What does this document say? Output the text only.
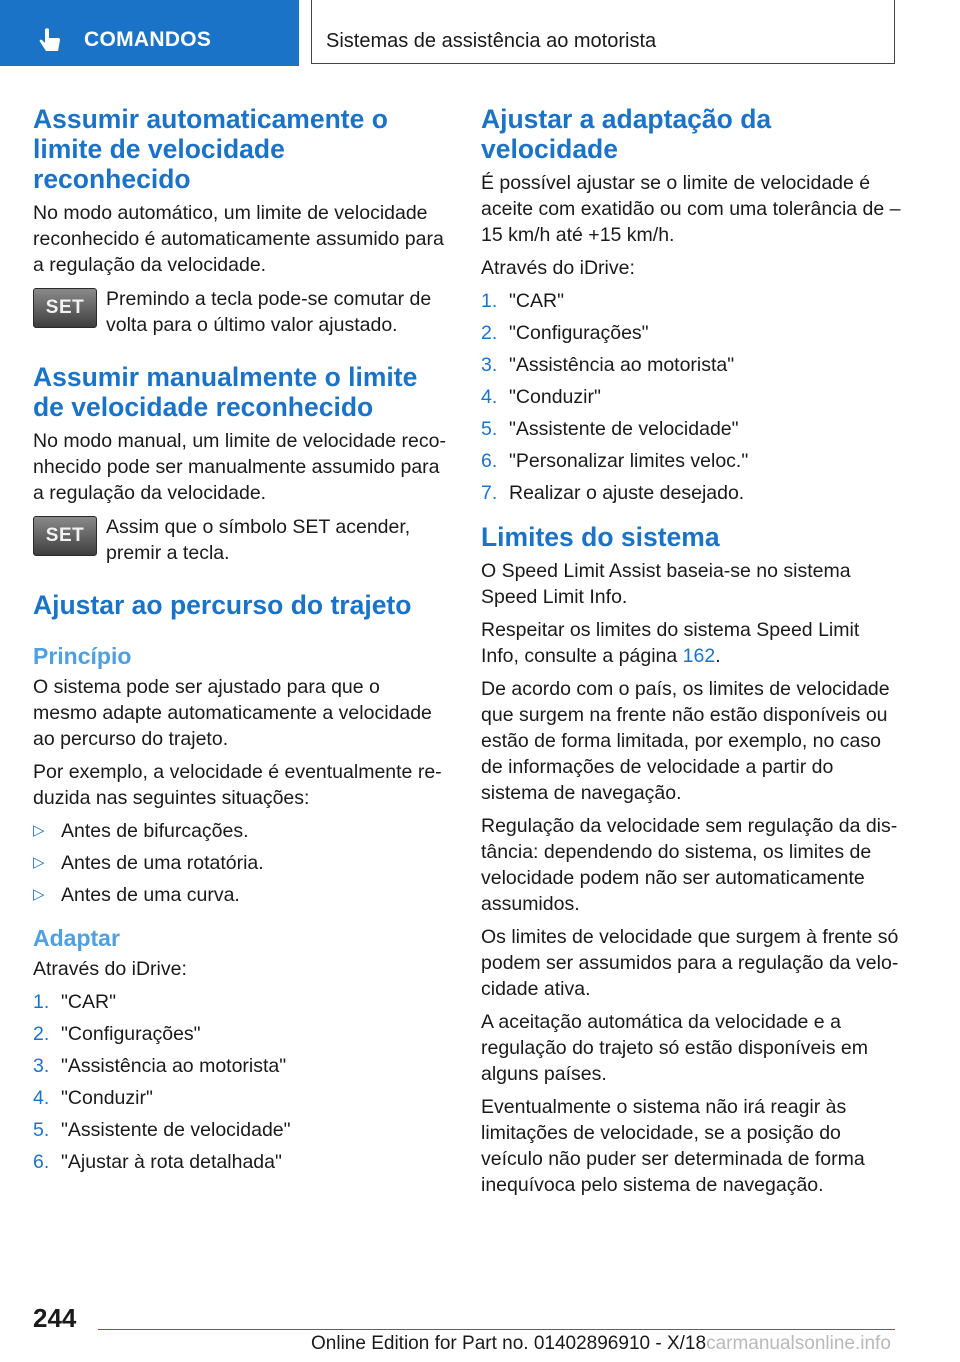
COMANDOS	Sistemas de assistência ao motorista
Assumir automaticamente o limite de velocidade reconhecido

No modo automático, um limite de velocidade reconhecido é automaticamente assumido para a regulação da velocidade.

SET	Premindo a tecla pode-se comutar de volta para o último valor ajustado.

Assumir manualmente o limite de velocidade reconhecido

No modo manual, um limite de velocidade reconhecido pode ser manualmente assumido para a regulação da velocidade.

SET	Assim que o símbolo SET acender, premir a tecla.

Ajustar ao percurso do trajeto
Princípio

O sistema pode ser ajustado para que o mesmo adapte automaticamente a velocidade ao percurso do trajeto.

Por exemplo, a velocidade é eventualmente reduzida nas seguintes situações:

▷ Antes de bifurcações.
▷ Antes de uma rotatória.
▷ Antes de uma curva.
Adaptar

Através do iDrive:

1. "CAR"
2. "Configurações"
3. "Assistência ao motorista"
4. "Conduzir"
5. "Assistente de velocidade"
6. "Ajustar à rota detalhada"
Ajustar a adaptação da velocidade

É possível ajustar se o limite de velocidade é aceite com exatidão ou com uma tolerância de –15 km/h até +15 km/h.

Através do iDrive:

1. "CAR"
2. "Configurações"
3. "Assistência ao motorista"
4. "Conduzir"
5. "Assistente de velocidade"
6. "Personalizar limites veloc."
7. Realizar o ajuste desejado.
Limites do sistema

O Speed Limit Assist baseia-se no sistema Speed Limit Info.

Respeitar os limites do sistema Speed Limit Info, consulte a página 162.

De acordo com o país, os limites de velocidade que surgem na frente não estão disponíveis ou estão de forma limitada, por exemplo, no caso de informações de velocidade a partir do sistema de navegação.

Regulação da velocidade sem regulação da distância: dependendo do sistema, os limites de velocidade podem não ser automaticamente assumidos.

Os limites de velocidade que surgem à frente só podem ser assumidos para a regulação da velocidade ativa.

A aceitação automática da velocidade e a regulação do trajeto só estão disponíveis em alguns países.

Eventualmente o sistema não irá reagir às limitações de velocidade, se a posição do veículo não puder ser determinada de forma inequívoca pelo sistema de navegação.

244
Online Edition for Part no. 01402896910 - X/18carmanualsonline.info
